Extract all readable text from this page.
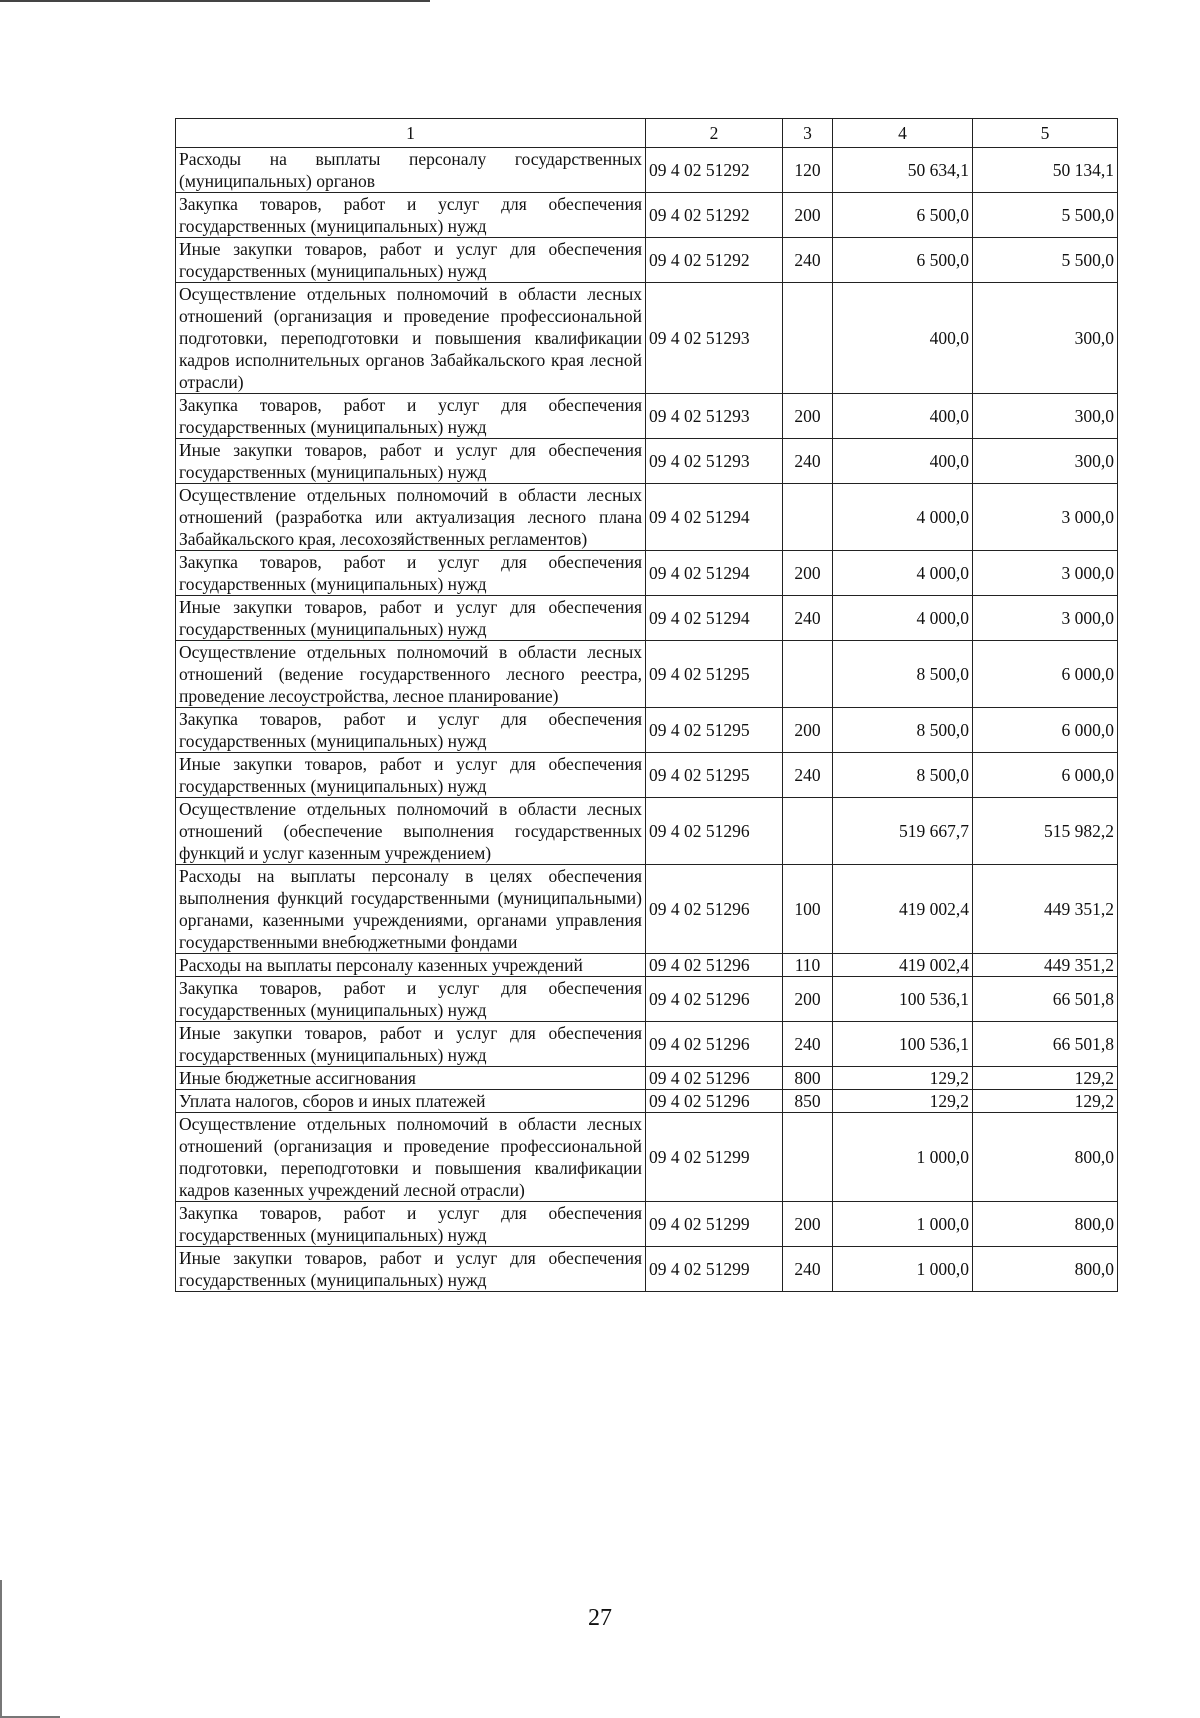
1	2	3	4	5
Расходы на выплаты персоналу государственных (муниципальных) органов	09 4 02 51292	120	50 634,1	50 134,1
Закупка товаров, работ и услуг для обеспечения государственных (муниципальных) нужд	09 4 02 51292	200	6 500,0	5 500,0
Иные закупки товаров, работ и услуг для обеспечения государственных (муниципальных) нужд	09 4 02 51292	240	6 500,0	5 500,0
Осуществление отдельных полномочий в области лесных отношений (организация и проведение профессиональной подготовки, переподготовки и повышения квалификации кадров исполнительных органов Забайкальского края лесной отрасли)	09 4 02 51293		400,0	300,0
Закупка товаров, работ и услуг для обеспечения государственных (муниципальных) нужд	09 4 02 51293	200	400,0	300,0
Иные закупки товаров, работ и услуг для обеспечения государственных (муниципальных) нужд	09 4 02 51293	240	400,0	300,0
Осуществление отдельных полномочий в области лесных отношений (разработка или актуализация лесного плана Забайкальского края, лесохозяйственных регламентов)	09 4 02 51294		4 000,0	3 000,0
Закупка товаров, работ и услуг для обеспечения государственных (муниципальных) нужд	09 4 02 51294	200	4 000,0	3 000,0
Иные закупки товаров, работ и услуг для обеспечения государственных (муниципальных) нужд	09 4 02 51294	240	4 000,0	3 000,0
Осуществление отдельных полномочий в области лесных отношений (ведение государственного лесного реестра, проведение лесоустройства, лесное планирование)	09 4 02 51295		8 500,0	6 000,0
Закупка товаров, работ и услуг для обеспечения государственных (муниципальных) нужд	09 4 02 51295	200	8 500,0	6 000,0
Иные закупки товаров, работ и услуг для обеспечения государственных (муниципальных) нужд	09 4 02 51295	240	8 500,0	6 000,0
Осуществление отдельных полномочий в области лесных отношений (обеспечение выполнения государственных функций и услуг казенным учреждением)	09 4 02 51296		519 667,7	515 982,2
Расходы на выплаты персоналу в целях обеспечения выполнения функций государственными (муниципальными) органами, казенными учреждениями, органами управления государственными внебюджетными фондами	09 4 02 51296	100	419 002,4	449 351,2
Расходы на выплаты персоналу казенных учреждений	09 4 02 51296	110	419 002,4	449 351,2
Закупка товаров, работ и услуг для обеспечения государственных (муниципальных) нужд	09 4 02 51296	200	100 536,1	66 501,8
Иные закупки товаров, работ и услуг для обеспечения государственных (муниципальных) нужд	09 4 02 51296	240	100 536,1	66 501,8
Иные бюджетные ассигнования	09 4 02 51296	800	129,2	129,2
Уплата налогов, сборов и иных платежей	09 4 02 51296	850	129,2	129,2
Осуществление отдельных полномочий в области лесных отношений (организация и проведение профессиональной подготовки, переподготовки и повышения квалификации кадров казенных учреждений лесной отрасли)	09 4 02 51299		1 000,0	800,0
Закупка товаров, работ и услуг для обеспечения государственных (муниципальных) нужд	09 4 02 51299	200	1 000,0	800,0
Иные закупки товаров, работ и услуг для обеспечения государственных (муниципальных) нужд	09 4 02 51299	240	1 000,0	800,0
27
